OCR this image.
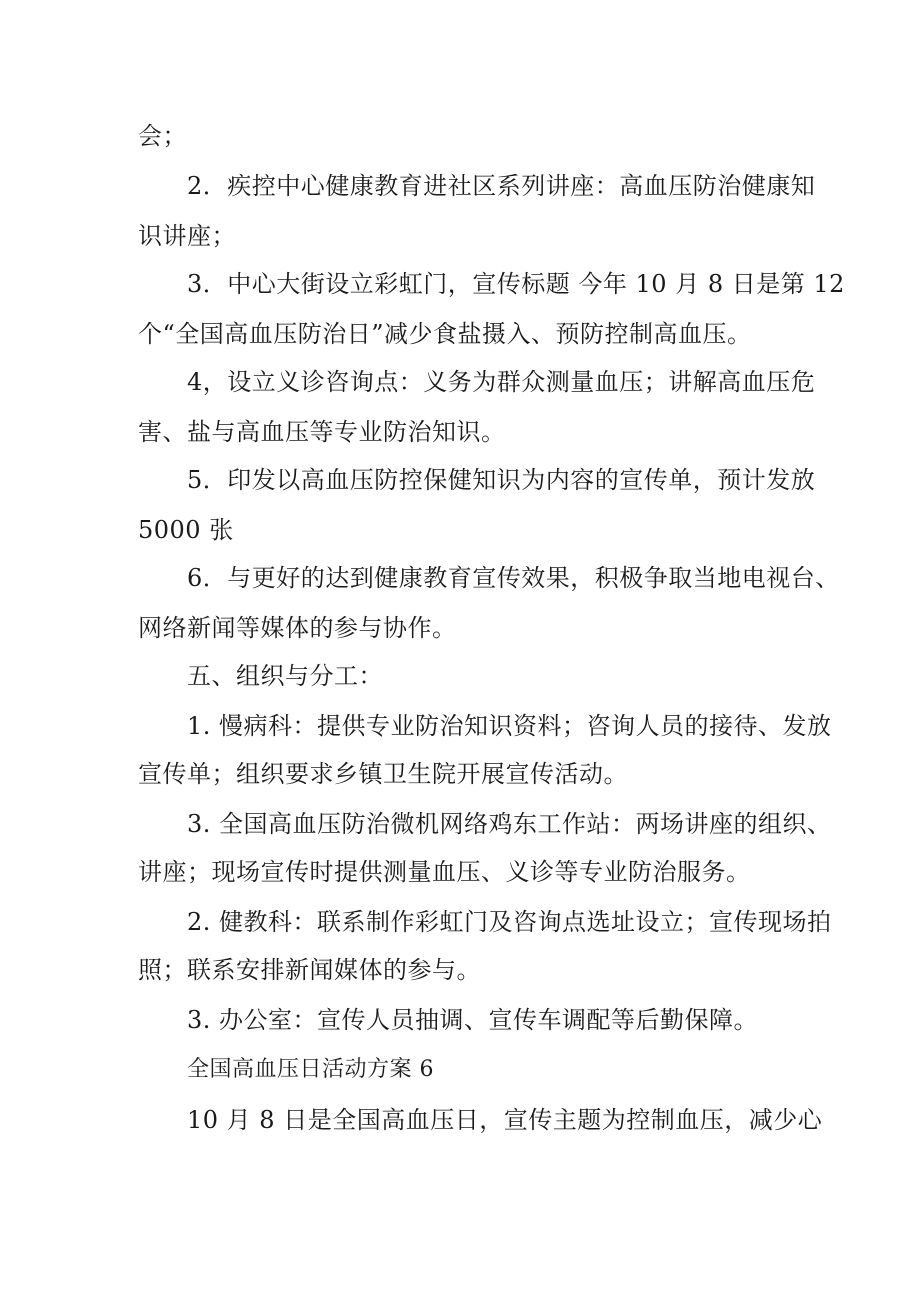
会；
2．疾控中心健康教育进社区系列讲座：高血压防治健康知
识讲座；
3．中心大街设立彩虹门，宣传标题 今年 10 月 8 日是第 12
个“全国高血压防治日”减少食盐摄入、预防控制高血压。
4，设立义诊咨询点：义务为群众测量血压；讲解高血压危
害、盐与高血压等专业防治知识。
5．印发以高血压防控保健知识为内容的宣传单，预计发放
5000 张
6．与更好的达到健康教育宣传效果，积极争取当地电视台、
网络新闻等媒体的参与协作。
五、组织与分工：
1. 慢病科：提供专业防治知识资料；咨询人员的接待、发放
宣传单；组织要求乡镇卫生院开展宣传活动。
3. 全国高血压防治微机网络鸡东工作站：两场讲座的组织、
讲座；现场宣传时提供测量血压、义诊等专业防治服务。
2. 健教科：联系制作彩虹门及咨询点选址设立；宣传现场拍
照；联系安排新闻媒体的参与。
3. 办公室：宣传人员抽调、宣传车调配等后勤保障。
全国高血压日活动方案 6
10 月 8 日是全国高血压日，宣传主题为控制血压，减少心
